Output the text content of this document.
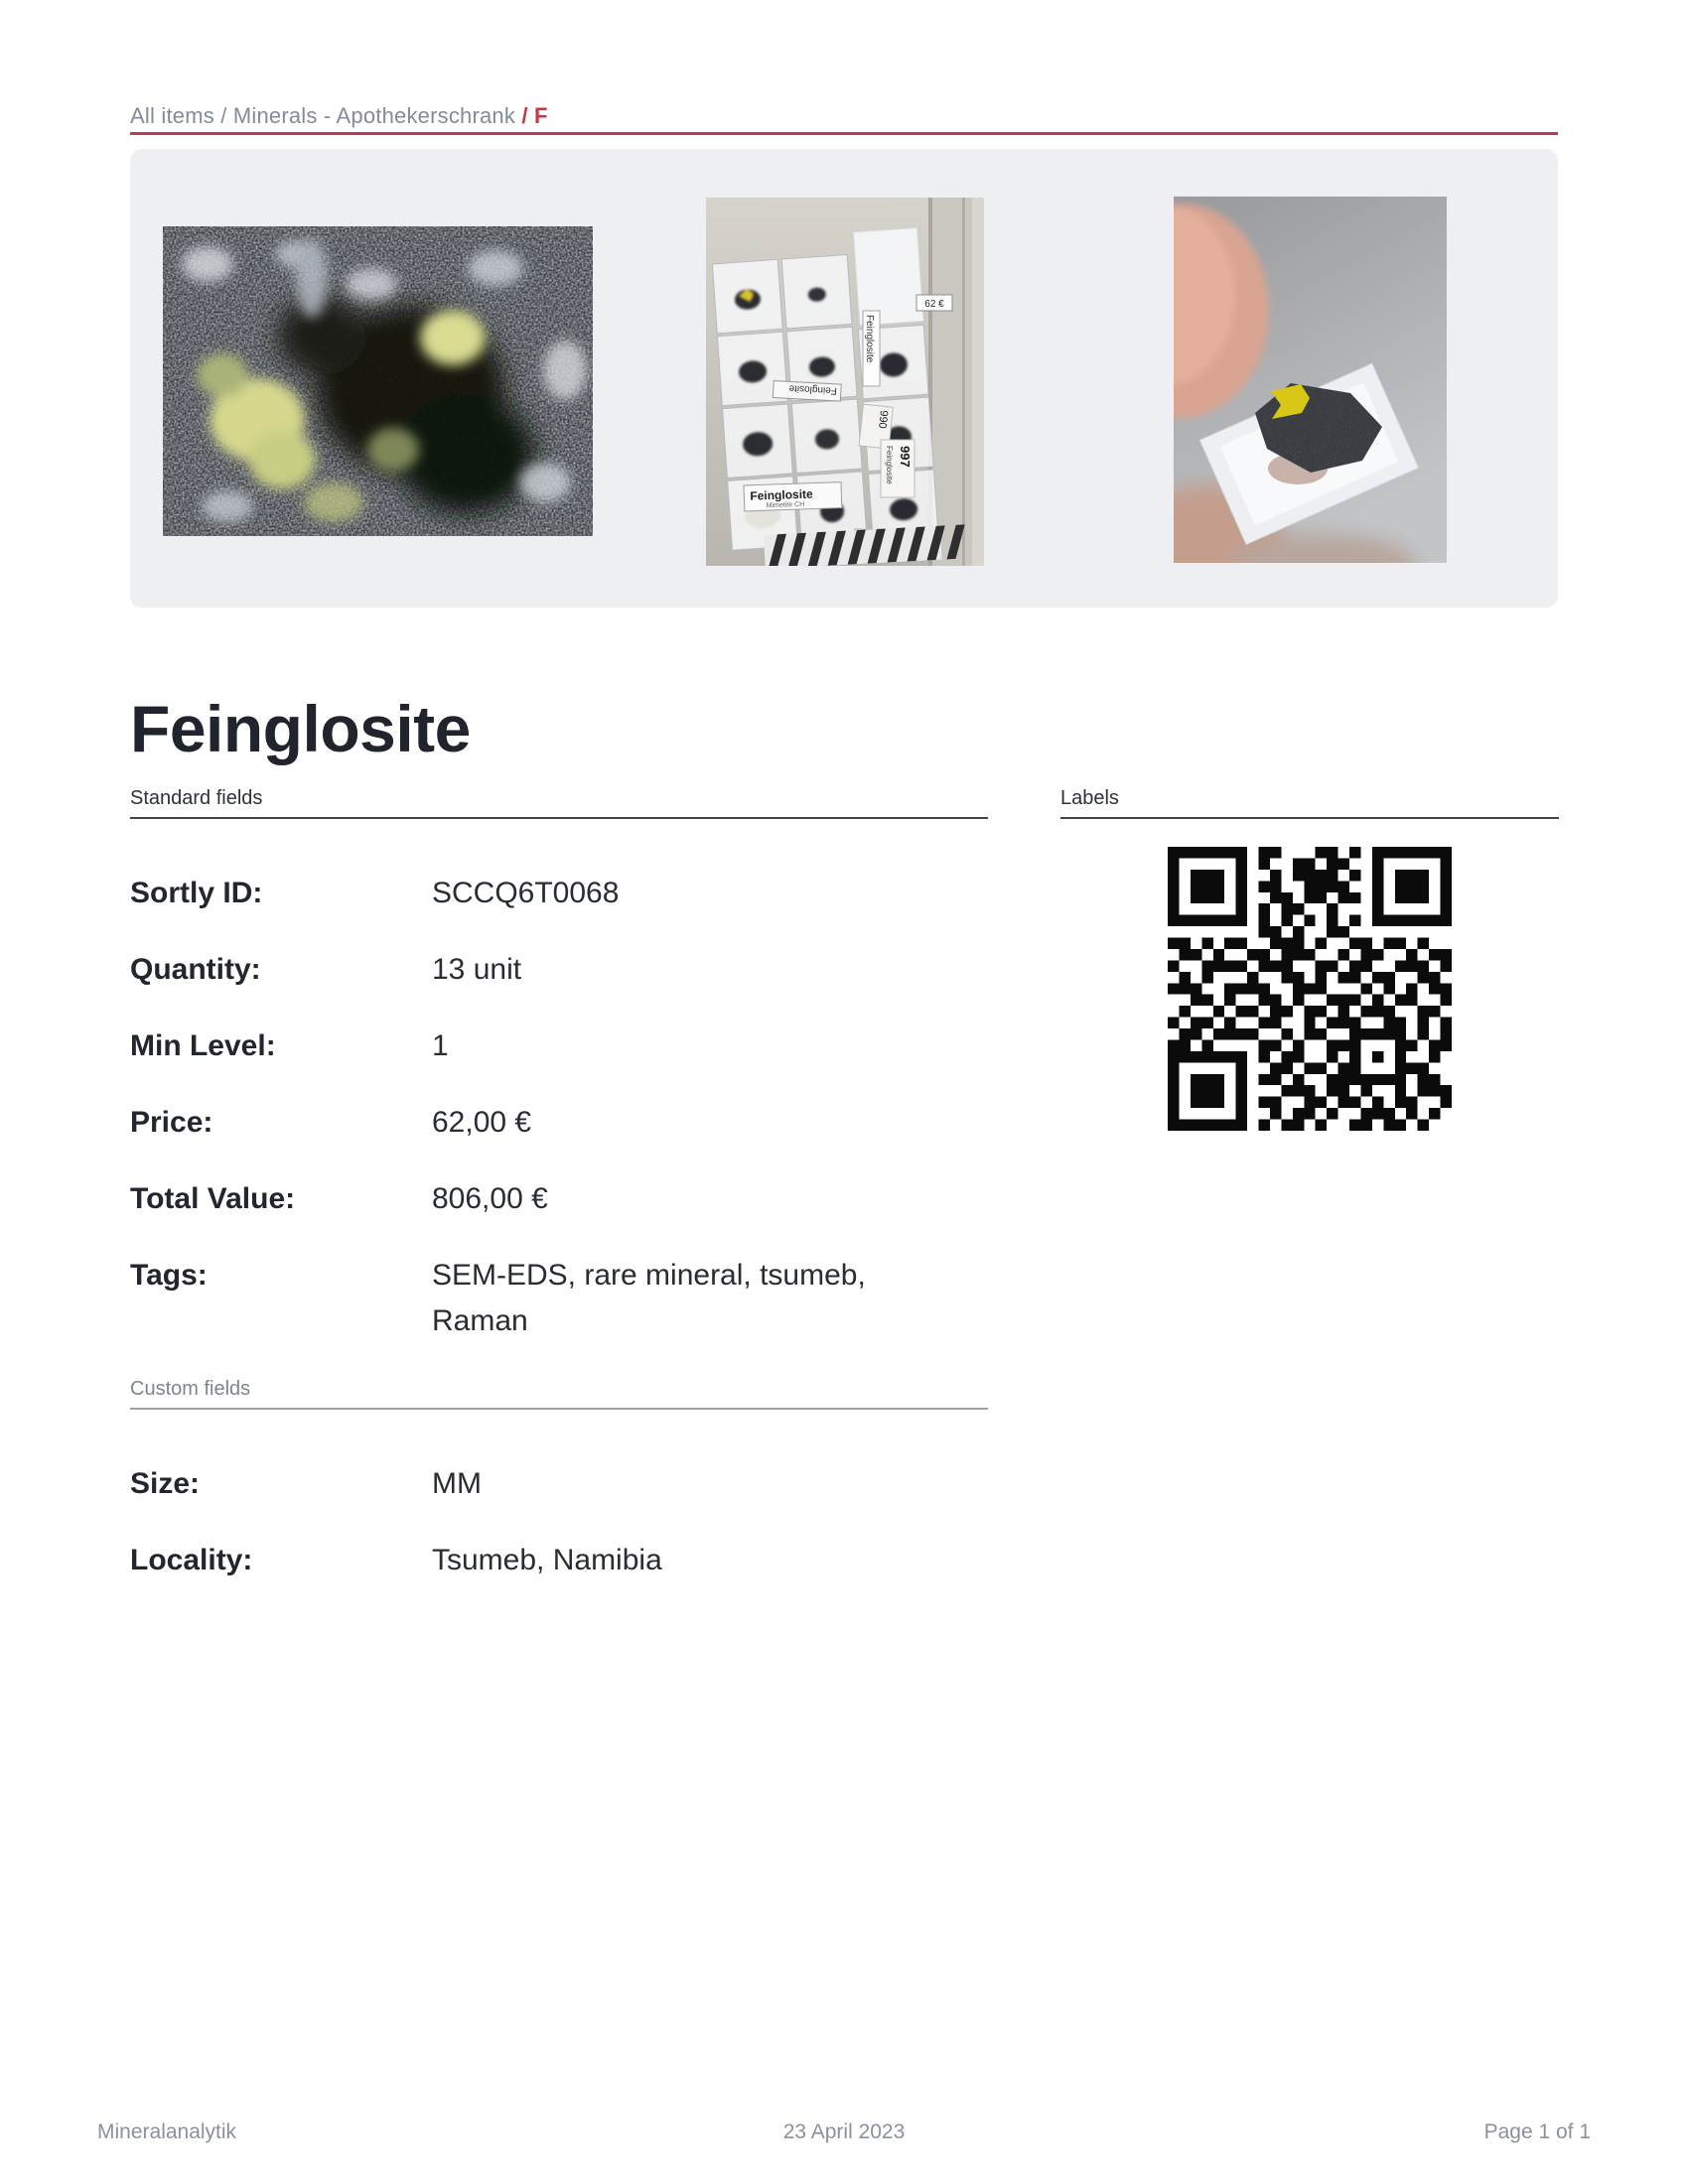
All items / Minerals - Apothekerschrank / F
62 €
Feinglosite
Feinglosite
990
997
Feinglosite
Feinglosite
Mimetite CH
Feinglosite
Standard fields
Sortly ID:	SCCQ6T0068
Quantity:	13 unit
Min Level:	1
Price:	62,00 €
Total Value:	806,00 €
Tags:	SEM-EDS, rare mineral, tsumeb, Raman
Custom fields
Size:	MM
Locality:	Tsumeb, Namibia
Labels
Mineralanalytik	23 April 2023	Page 1 of 1
